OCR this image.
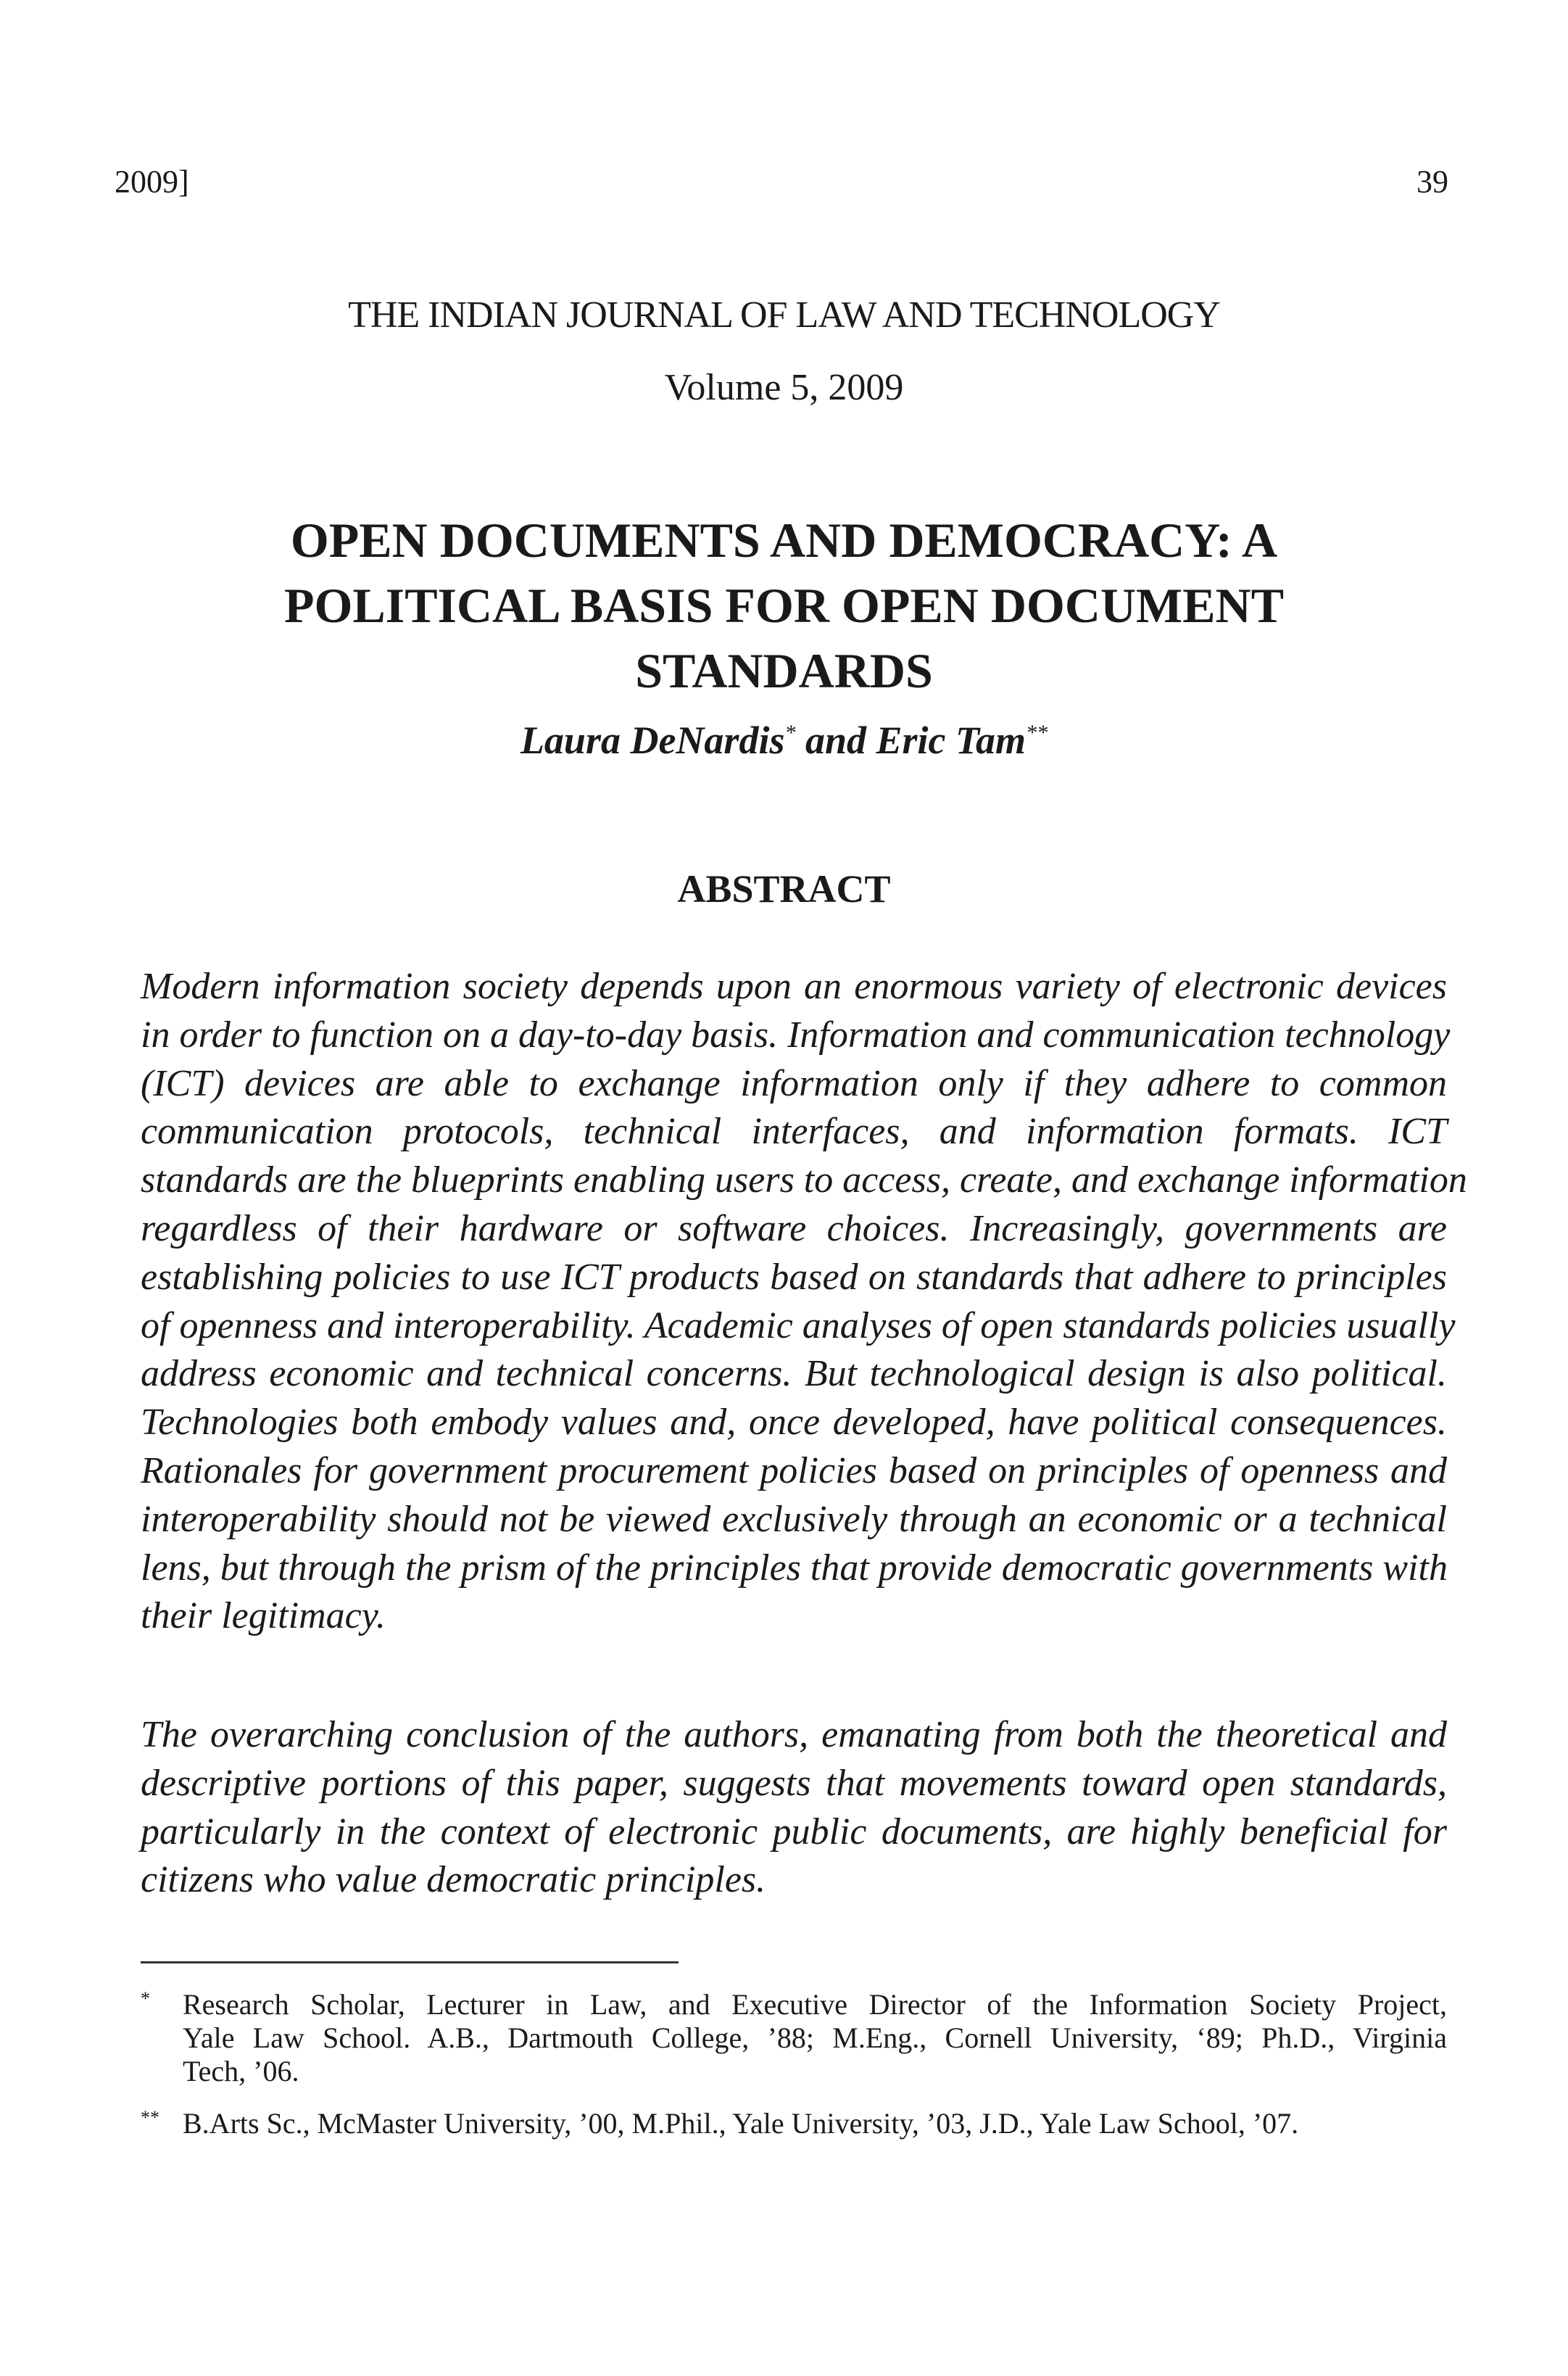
2009]	39
THE INDIAN JOURNAL OF LAW AND TECHNOLOGY
Volume 5, 2009
OPEN DOCUMENTS AND DEMOCRACY: A
POLITICAL BASIS FOR OPEN DOCUMENT
STANDARDS
Laura DeNardis* and Eric Tam**
ABSTRACT
Modern information society depends upon an enormous variety of electronic devices
in order to function on a day-to-day basis. Information and communication technology
(ICT) devices are able to exchange information only if they adhere to common
communication protocols, technical interfaces, and information formats. ICT
standards are the blueprints enabling users to access, create, and exchange information
regardless of their hardware or software choices. Increasingly, governments are
establishing policies to use ICT products based on standards that adhere to principles
of openness and interoperability. Academic analyses of open standards policies usually
address economic and technical concerns. But technological design is also political.
Technologies both embody values and, once developed, have political consequences.
Rationales for government procurement policies based on principles of openness and
interoperability should not be viewed exclusively through an economic or a technical
lens, but through the prism of the principles that provide democratic governments with
their legitimacy.
The overarching conclusion of the authors, emanating from both the theoretical and
descriptive portions of this paper, suggests that movements toward open standards,
particularly in the context of electronic public documents, are highly beneficial for
citizens who value democratic principles.
* Research Scholar, Lecturer in Law, and Executive Director of the Information Society Project,
Yale Law School. A.B., Dartmouth College, ’88; M.Eng., Cornell University, ‘89; Ph.D., Virginia
Tech, ’06.
** B.Arts Sc., McMaster University, ’00, M.Phil., Yale University, ’03, J.D., Yale Law School, ’07.
